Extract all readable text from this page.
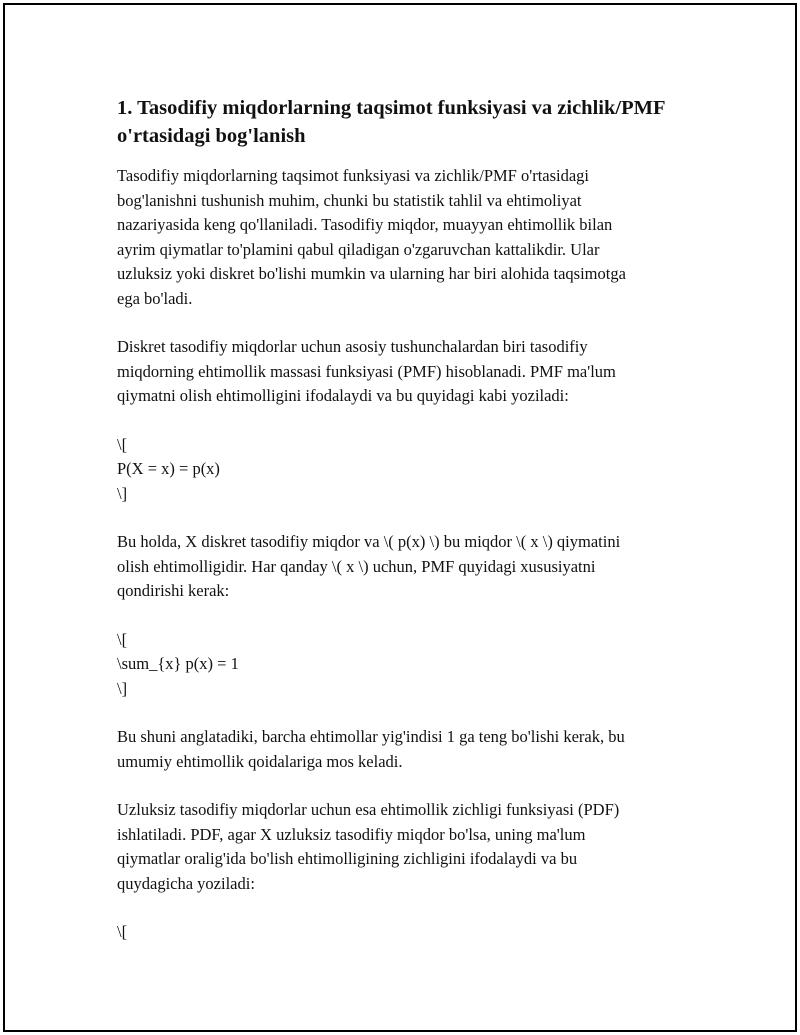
1. Tasodifiy miqdorlarning taqsimot funksiyasi va zichlik/PMF
o'rtasidagi bog'lanish
Tasodifiy miqdorlarning taqsimot funksiyasi va zichlik/PMF o'rtasidagi
bog'lanishni tushunish muhim, chunki bu statistik tahlil va ehtimoliyat
nazariyasida keng qo'llaniladi. Tasodifiy miqdor, muayyan ehtimollik bilan
ayrim qiymatlar to'plamini qabul qiladigan o'zgaruvchan kattalikdir. Ular
uzluksiz yoki diskret bo'lishi mumkin va ularning har biri alohida taqsimotga
ega bo'ladi.
Diskret tasodifiy miqdorlar uchun asosiy tushunchalardan biri tasodifiy
miqdorning ehtimollik massasi funksiyasi (PMF) hisoblanadi. PMF ma'lum
qiymatni olish ehtimolligini ifodalaydi va bu quyidagi kabi yoziladi:
\[
P(X = x) = p(x)
\]
Bu holda, X diskret tasodifiy miqdor va \( p(x) \) bu miqdor \( x \) qiymatini
olish ehtimolligidir. Har qanday \( x \) uchun, PMF quyidagi xususiyatni
qondirishi kerak:
\[
\sum_{x} p(x) = 1
\]
Bu shuni anglatadiki, barcha ehtimollar yig'indisi 1 ga teng bo'lishi kerak, bu
umumiy ehtimollik qoidalariga mos keladi.
Uzluksiz tasodifiy miqdorlar uchun esa ehtimollik zichligi funksiyasi (PDF)
ishlatiladi. PDF, agar X uzluksiz tasodifiy miqdor bo'lsa, uning ma'lum
qiymatlar oralig'ida bo'lish ehtimolligining zichligini ifodalaydi va bu
quydagicha yoziladi:
\[
